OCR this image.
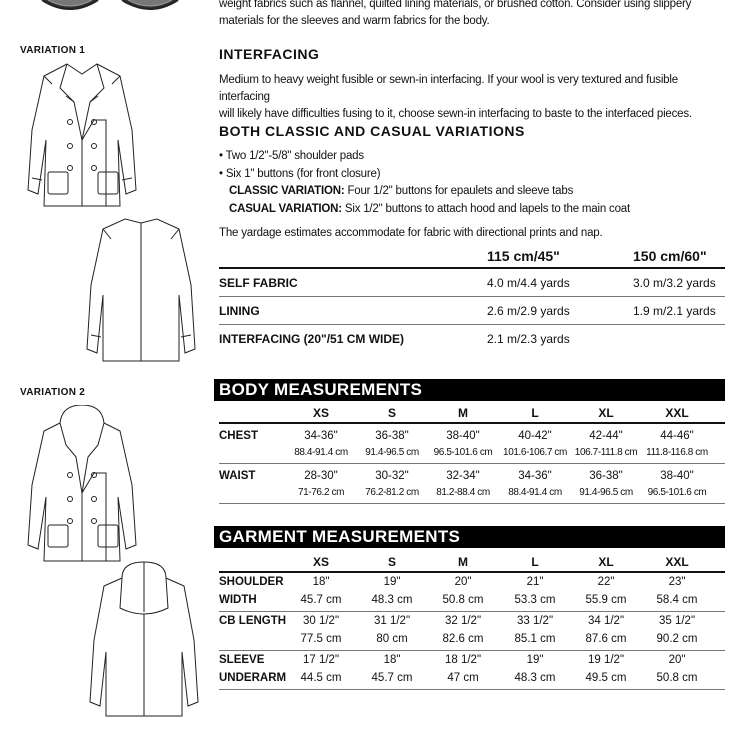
VARIATION 1
VARIATION 2
weight fabrics such as flannel, quilted lining materials, or brushed cotton. Consider using slippery
materials for the sleeves and warm fabrics for the body.
INTERFACING
Medium to heavy weight fusible or sewn-in interfacing. If your wool is very textured and fusible interfacing
will likely have difficulties fusing to it, choose sewn-in interfacing to baste to the interfaced pieces.
BOTH CLASSIC AND CASUAL VARIATIONS
• Two 1/2"-5/8" shoulder pads
• Six 1" buttons (for front closure)
CLASSIC VARIATION: Four 1/2" buttons for epaulets and sleeve tabs
CASUAL VARIATION: Six 1/2" buttons to attach hood and lapels to the main coat
The yardage estimates accommodate for fabric with directional prints and nap.
115 cm/45"	150 cm/60"
SELF FABRIC	4.0 m/4.4 yards	3.0 m/3.2 yards
LINING	2.6 m/2.9 yards	1.9 m/2.1 yards
INTERFACING (20"/51 CM WIDE)	2.1 m/2.3 yards
BODY MEASUREMENTS
XS	S	M	L	XL	XXL
CHEST	34-36"	36-38"	38-40"	40-42"	42-44"	44-46"
88.4-91.4 cm 91.4-96.5 cm 96.5-101.6 cm 101.6-106.7 cm 106.7-111.8 cm 111.8-116.8 cm
WAIST	28-30"	30-32"	32-34"	34-36"	36-38"	38-40"
71-76.2 cm 76.2-81.2 cm 81.2-88.4 cm 88.4-91.4 cm 91.4-96.5 cm 96.5-101.6 cm
GARMENT MEASUREMENTS
XS	S	M	L	XL	XXL
SHOULDER
WIDTH
18"	19"	20"	21"	22"	23"
45.7 cm	48.3 cm	50.8 cm	53.3 cm	55.9 cm	58.4 cm
CB LENGTH 30 1/2"	31 1/2"	32 1/2"	33 1/2"	34 1/2"	35 1/2"
77.5 cm	80 cm	82.6 cm	85.1 cm	87.6 cm	90.2 cm
SLEEVE
UNDERARM
17 1/2"	18"	18 1/2"	19"	19 1/2"	20"
44.5 cm	45.7 cm	47 cm	48.3 cm	49.5 cm	50.8 cm
